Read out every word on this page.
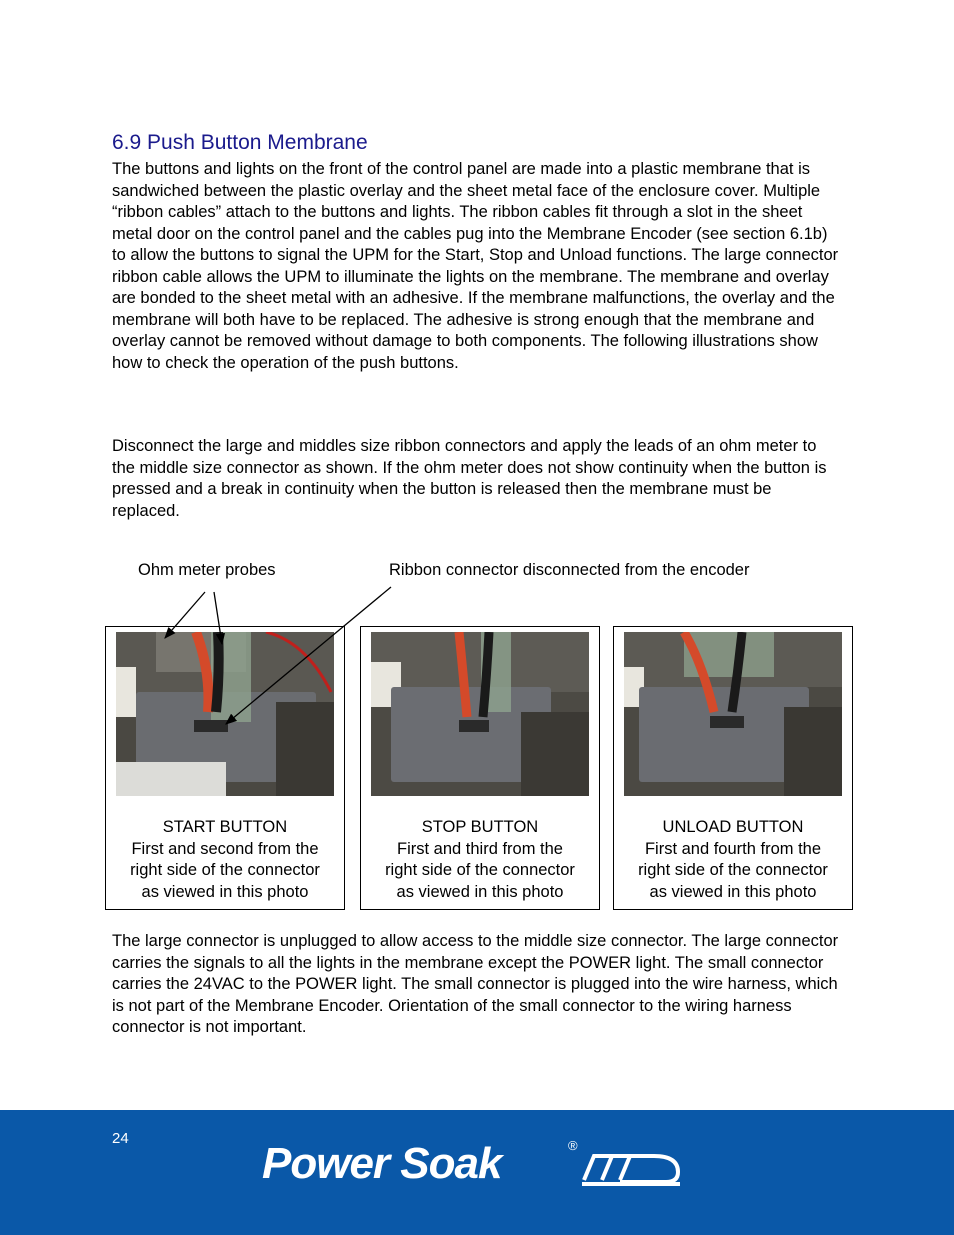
6.9 Push Button Membrane

The buttons and lights on the front of the control panel are made into a plastic membrane that is sandwiched between the plastic overlay and the sheet metal face of the enclosure cover. Multiple “ribbon cables” attach to the buttons and lights. The ribbon cables fit through a slot in the sheet metal door on the control panel and the cables pug into the Membrane Encoder (see section 6.1b) to allow the buttons to signal the UPM for the Start, Stop and Unload functions. The large connector ribbon cable allows the UPM to illuminate the lights on the membrane. The membrane and overlay are bonded to the sheet metal with an adhesive. If the membrane malfunctions, the overlay and the membrane will both have to be replaced. The adhesive is strong enough that the membrane and overlay cannot be removed without damage to both components. The following illustrations show how to check the operation of the push buttons.

Disconnect the large and middles size ribbon connectors and apply the leads of an ohm meter to the middle size connector as shown. If the ohm meter does not show continuity when the button is pressed and a break in continuity when the button is released then the membrane must be replaced.

Ohm meter probes	Ribbon connector disconnected from the encoder
START BUTTON
First and second from the
right side of the connector
as viewed in this photo
STOP BUTTON
First and third from the
right side of the connector
as viewed in this photo
UNLOAD BUTTON
First and fourth from the
right side of the connector
as viewed in this photo

The large connector is unplugged to allow access to the middle size connector. The large connector carries the signals to all the lights in the membrane except the POWER light. The small connector carries the 24VAC to the POWER light. The small connector is plugged into the wire harness, which is not part of the Membrane Encoder. Orientation of the small connector to the wiring harness connector is not important.

24
Power Soak	®
